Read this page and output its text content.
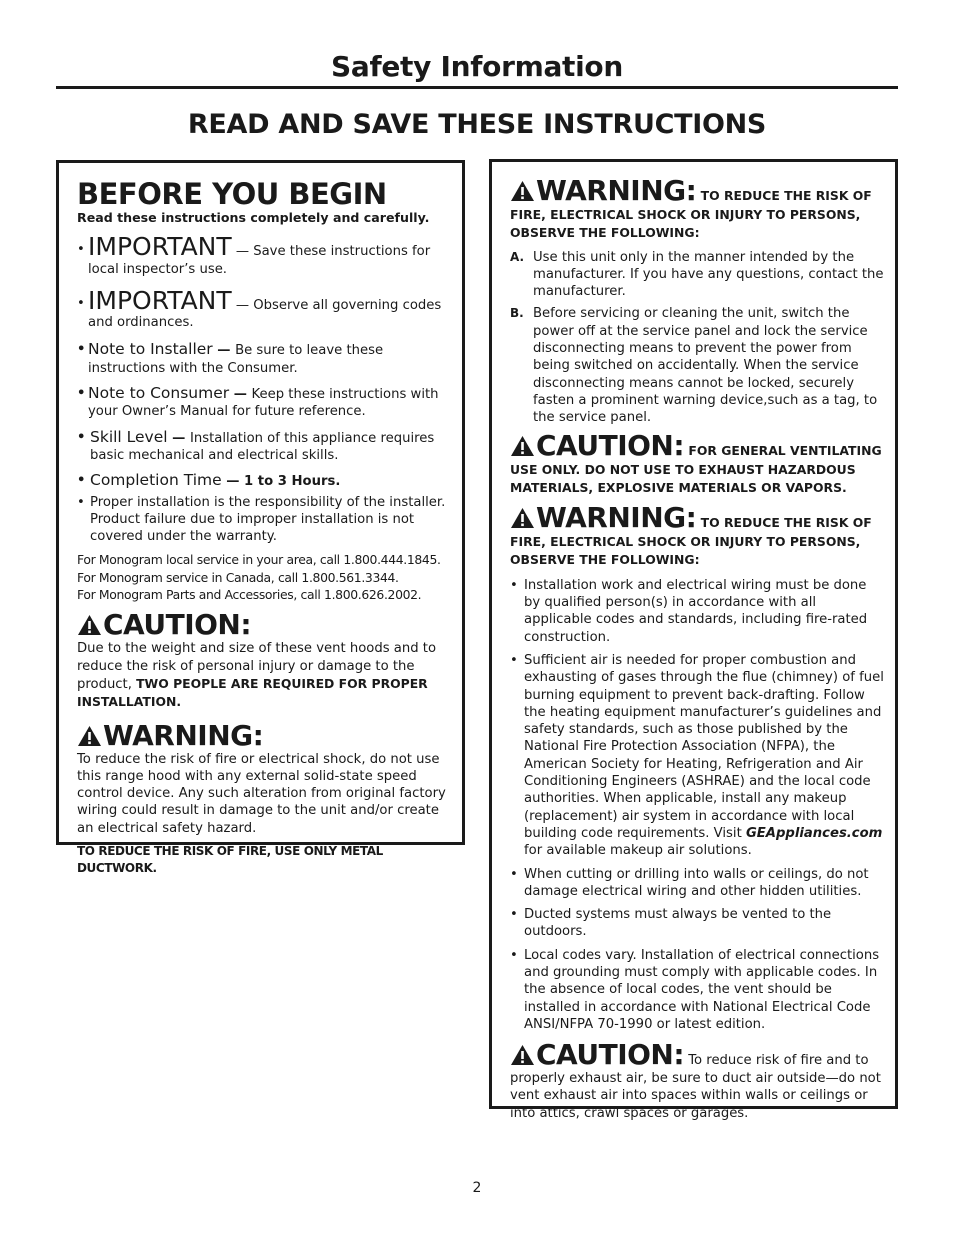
Safety Information
READ AND SAVE THESE INSTRUCTIONS
BEFORE YOU BEGIN
Read these instructions completely and carefully.
• IMPORTANT — Save these instructions for local inspector’s use.
• IMPORTANT — Observe all governing codes and ordinances.
• Note to Installer — Be sure to leave these instructions with the Consumer.
• Note to Consumer — Keep these instructions with your Owner’s Manual for future reference.
• Skill Level — Installation of this appliance requires basic mechanical and electrical skills.
• Completion Time — 1 to 3 Hours.
• Proper installation is the responsibility of the installer. Product failure due to improper installation is not covered under the warranty.
For Monogram local service in your area, call 1.800.444.1845.
For Monogram service in Canada, call 1.800.561.3344.
For Monogram Parts and Accessories, call 1.800.626.2002.
CAUTION:
Due to the weight and size of these vent hoods and to reduce the risk of personal injury or damage to the product, TWO PEOPLE ARE REQUIRED FOR PROPER INSTALLATION.
WARNING:
To reduce the risk of fire or electrical shock, do not use this range hood with any external solid-state speed control device. Any such alteration from original factory wiring could result in damage to the unit and/or create an electrical safety hazard.
TO REDUCE THE RISK OF FIRE, USE ONLY METAL DUCTWORK.
WARNING: TO REDUCE THE RISK OF FIRE, ELECTRICAL SHOCK OR INJURY TO PERSONS, OBSERVE THE FOLLOWING:
A. Use this unit only in the manner intended by the manufacturer. If you have any questions, contact the manufacturer.
B. Before servicing or cleaning the unit, switch the power off at the service panel and lock the service disconnecting means to prevent the power from being switched on accidentally. When the service disconnecting means cannot be locked, securely fasten a prominent warning device,such as a tag, to the service panel.
CAUTION: FOR GENERAL VENTILATING USE ONLY. DO NOT USE TO EXHAUST HAZARDOUS MATERIALS, EXPLOSIVE MATERIALS OR VAPORS.
WARNING: TO REDUCE THE RISK OF FIRE, ELECTRICAL SHOCK OR INJURY TO PERSONS, OBSERVE THE FOLLOWING:
• Installation work and electrical wiring must be done by qualified person(s) in accordance with all applicable codes and standards, including fire-rated construction.
• Sufficient air is needed for proper combustion and exhausting of gases through the flue (chimney) of fuel burning equipment to prevent back-drafting. Follow the heating equipment manufacturer’s guidelines and safety standards, such as those published by the National Fire Protection Association (NFPA), the American Society for Heating, Refrigeration and Air Conditioning Engineers (ASHRAE) and the local code authorities. When applicable, install any makeup (replacement) air system in accordance with local building code requirements. Visit GEAppliances.com for available makeup air solutions.
• When cutting or drilling into walls or ceilings, do not damage electrical wiring and other hidden utilities.
• Ducted systems must always be vented to the outdoors.
• Local codes vary. Installation of electrical connections and grounding must comply with applicable codes. In the absence of local codes, the vent should be installed in accordance with National Electrical Code ANSI/NFPA 70-1990 or latest edition.
CAUTION: To reduce risk of fire and to properly exhaust air, be sure to duct air outside—do not vent exhaust air into spaces within walls or ceilings or into attics, crawl spaces or garages.
2
